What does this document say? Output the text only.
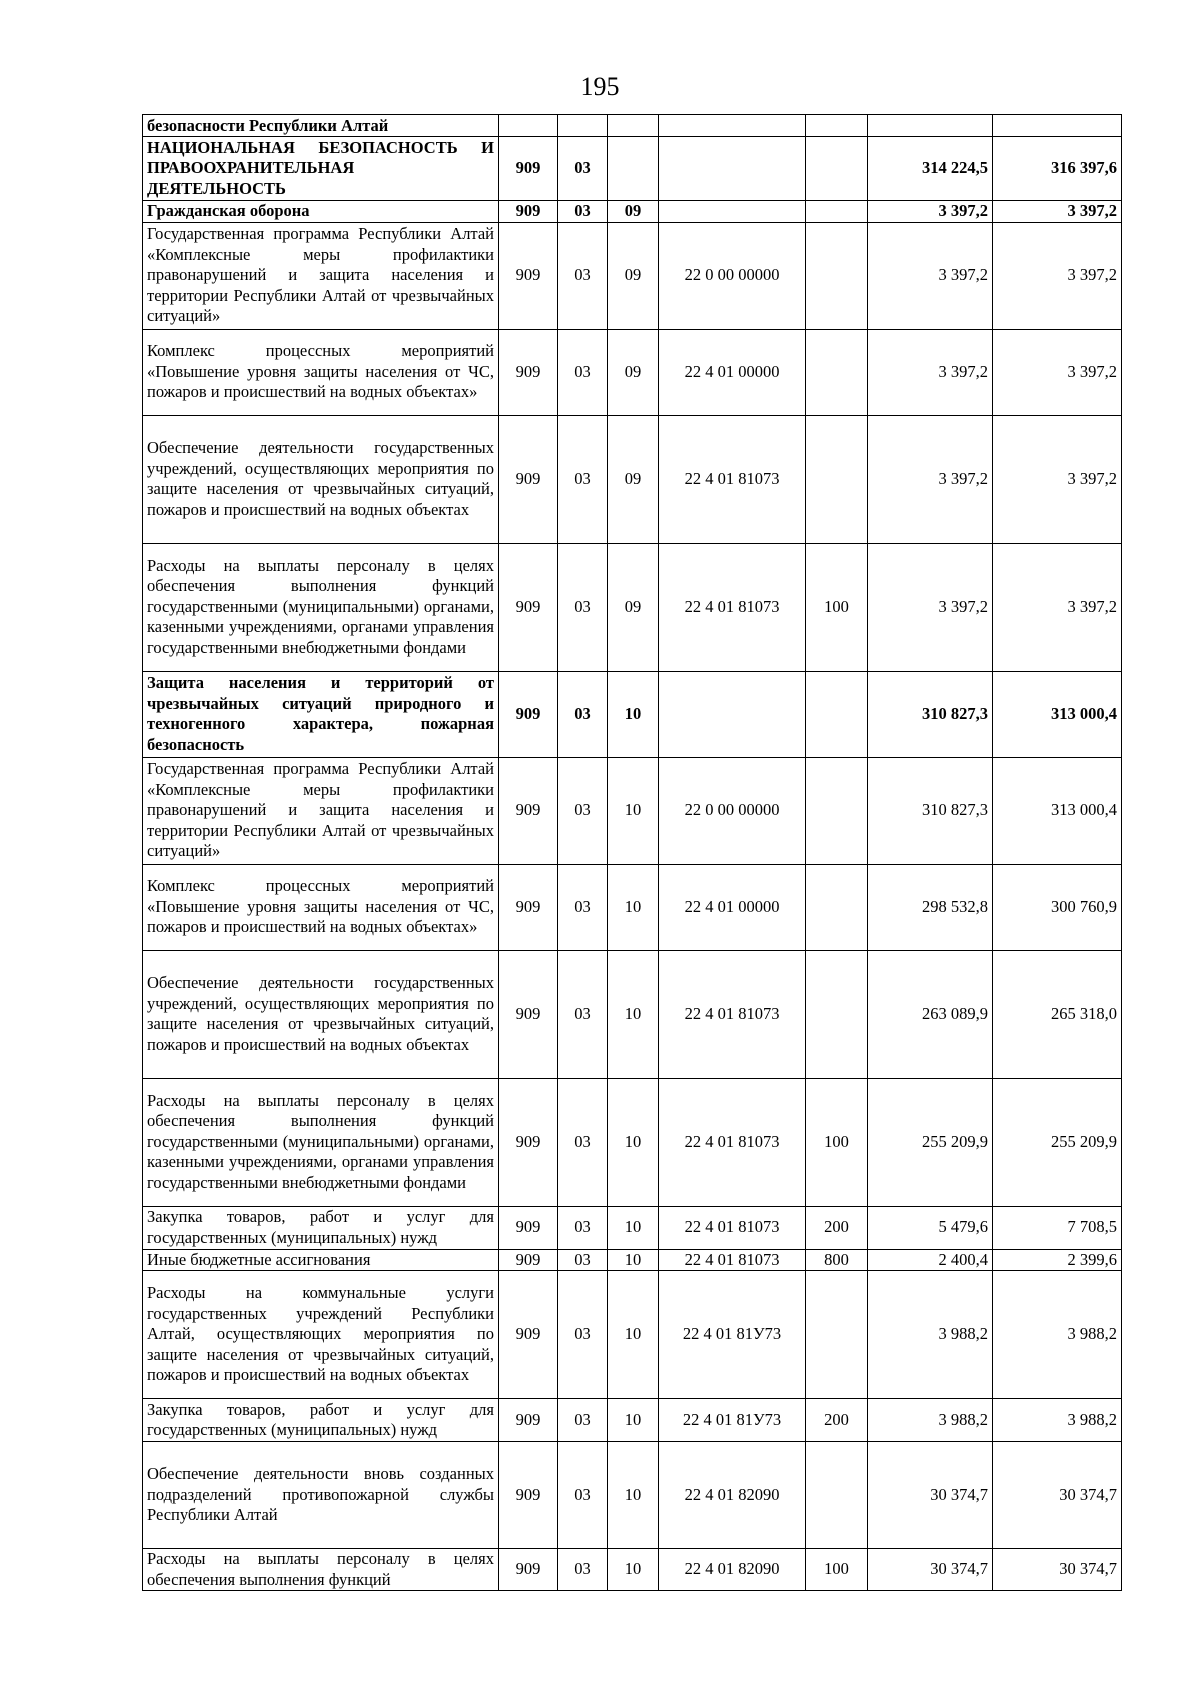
195
безопасности Республики Алтай							
НАЦИОНАЛЬНАЯ БЕЗОПАСНОСТЬ И ПРАВООХРАНИТЕЛЬНАЯ ДЕЯТЕЛЬНОСТЬ	909	03				314 224,5	316 397,6
Гражданская оборона	909	03	09			3 397,2	3 397,2
Государственная программа Республики Алтай «Комплексные меры профилактики правонарушений и защита населения и территории Республики Алтай от чрезвычайных ситуаций»	909	03	09	22 0 00 00000		3 397,2	3 397,2
Комплекс процессных мероприятий «Повышение уровня защиты населения от ЧС, пожаров и происшествий на водных объектах»	909	03	09	22 4 01 00000		3 397,2	3 397,2
Обеспечение деятельности государственных учреждений, осуществляющих мероприятия по защите населения от чрезвычайных ситуаций, пожаров и происшествий на водных объектах	909	03	09	22 4 01 81073		3 397,2	3 397,2
Расходы на выплаты персоналу в целях обеспечения выполнения функций государственными (муниципальными) органами, казенными учреждениями, органами управления государственными внебюджетными фондами	909	03	09	22 4 01 81073	100	3 397,2	3 397,2
Защита населения и территорий от чрезвычайных ситуаций природного и техногенного характера, пожарная безопасность	909	03	10			310 827,3	313 000,4
Государственная программа Республики Алтай «Комплексные меры профилактики правонарушений и защита населения и территории Республики Алтай от чрезвычайных ситуаций»	909	03	10	22 0 00 00000		310 827,3	313 000,4
Комплекс процессных мероприятий «Повышение уровня защиты населения от ЧС, пожаров и происшествий на водных объектах»	909	03	10	22 4 01 00000		298 532,8	300 760,9
Обеспечение деятельности государственных учреждений, осуществляющих мероприятия по защите населения от чрезвычайных ситуаций, пожаров и происшествий на водных объектах	909	03	10	22 4 01 81073		263 089,9	265 318,0
Расходы на выплаты персоналу в целях обеспечения выполнения функций государственными (муниципальными) органами, казенными учреждениями, органами управления государственными внебюджетными фондами	909	03	10	22 4 01 81073	100	255 209,9	255 209,9
Закупка товаров, работ и услуг для государственных (муниципальных) нужд	909	03	10	22 4 01 81073	200	5 479,6	7 708,5
Иные бюджетные ассигнования	909	03	10	22 4 01 81073	800	2 400,4	2 399,6
Расходы на коммунальные услуги государственных учреждений Республики Алтай, осуществляющих мероприятия по защите населения от чрезвычайных ситуаций, пожаров и происшествий на водных объектах	909	03	10	22 4 01 81У73		3 988,2	3 988,2
Закупка товаров, работ и услуг для государственных (муниципальных) нужд	909	03	10	22 4 01 81У73	200	3 988,2	3 988,2
Обеспечение деятельности вновь созданных подразделений противопожарной службы Республики Алтай	909	03	10	22 4 01 82090		30 374,7	30 374,7
Расходы на выплаты персоналу в целях обеспечения выполнения функций	909	03	10	22 4 01 82090	100	30 374,7	30 374,7
